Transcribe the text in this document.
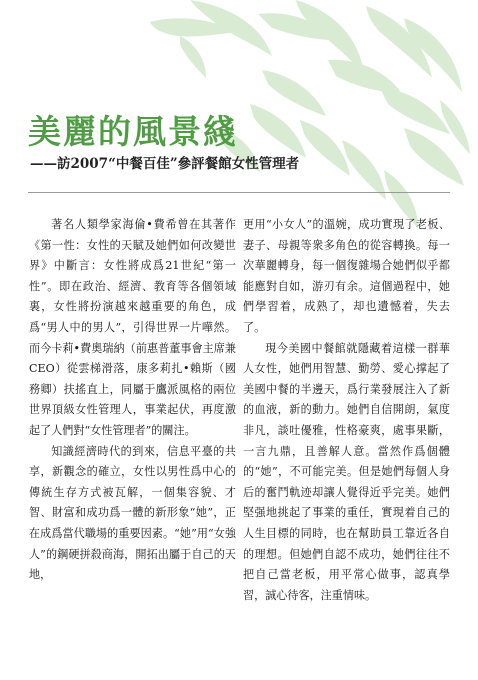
美麗的風景綫
——訪2007“中餐百佳”參評餐館女性管理者

著名人類學家海倫•費希曾在其著作《第一性：女性的天賦及她們如何改變世界》中斷言：女性將成爲21世紀“第一性”。即在政治、經濟、教育等各個領域裏，女性將扮演越來越重要的角色，成爲“男人中的男人”，引得世界一片嘩然。而今卡莉•費奧瑞納（前惠普董事會主席兼CEO）從雲梯滑落，康多莉扎•賴斯（國務卿）扶搖直上，同屬于鷹派風格的兩位世界頂級女性管理人，事業起伏，再度激起了人們對“女性管理者”的關注。

知識經濟時代的到來，信息平臺的共享，新觀念的確立，女性以男性爲中心的傳統生存方式被瓦解，一個集容貌、才智、財富和成功爲一體的新形象“她”，正在成爲當代職場的重要因素。“她”用“女強人”的鋼硬拼殺商海，開拓出屬于自己的天地，

更用“小女人”的溫婉，成功實現了老板、妻子、母親等衆多角色的從容轉換。每一次華麗轉身，每一個復雜場合她們似乎都能應對自如，游刃有余。這個過程中，她們學習着，成熟了，却也遺憾着，失去了。

現今美國中餐館就隱藏着這樣一群華人女性，她們用智慧、勤勞、愛心撑起了美國中餐的半邊天，爲行業發展注入了新的血液，新的動力。她們自信開朗，氣度非凡，談吐優雅，性格豪爽，處事果斷，一言九鼎，且善解人意。當然作爲個體的“她”，不可能完美。但是她們每個人身后的奮鬥軌迹却讓人覺得近乎完美。她們堅强地挑起了事業的重任，實現着自己的人生目標的同時，也在幫助員工靠近各自的理想。但她們自認不成功，她們往往不把自己當老板，用平常心做事，認真學習，誠心待客，注重情味。
